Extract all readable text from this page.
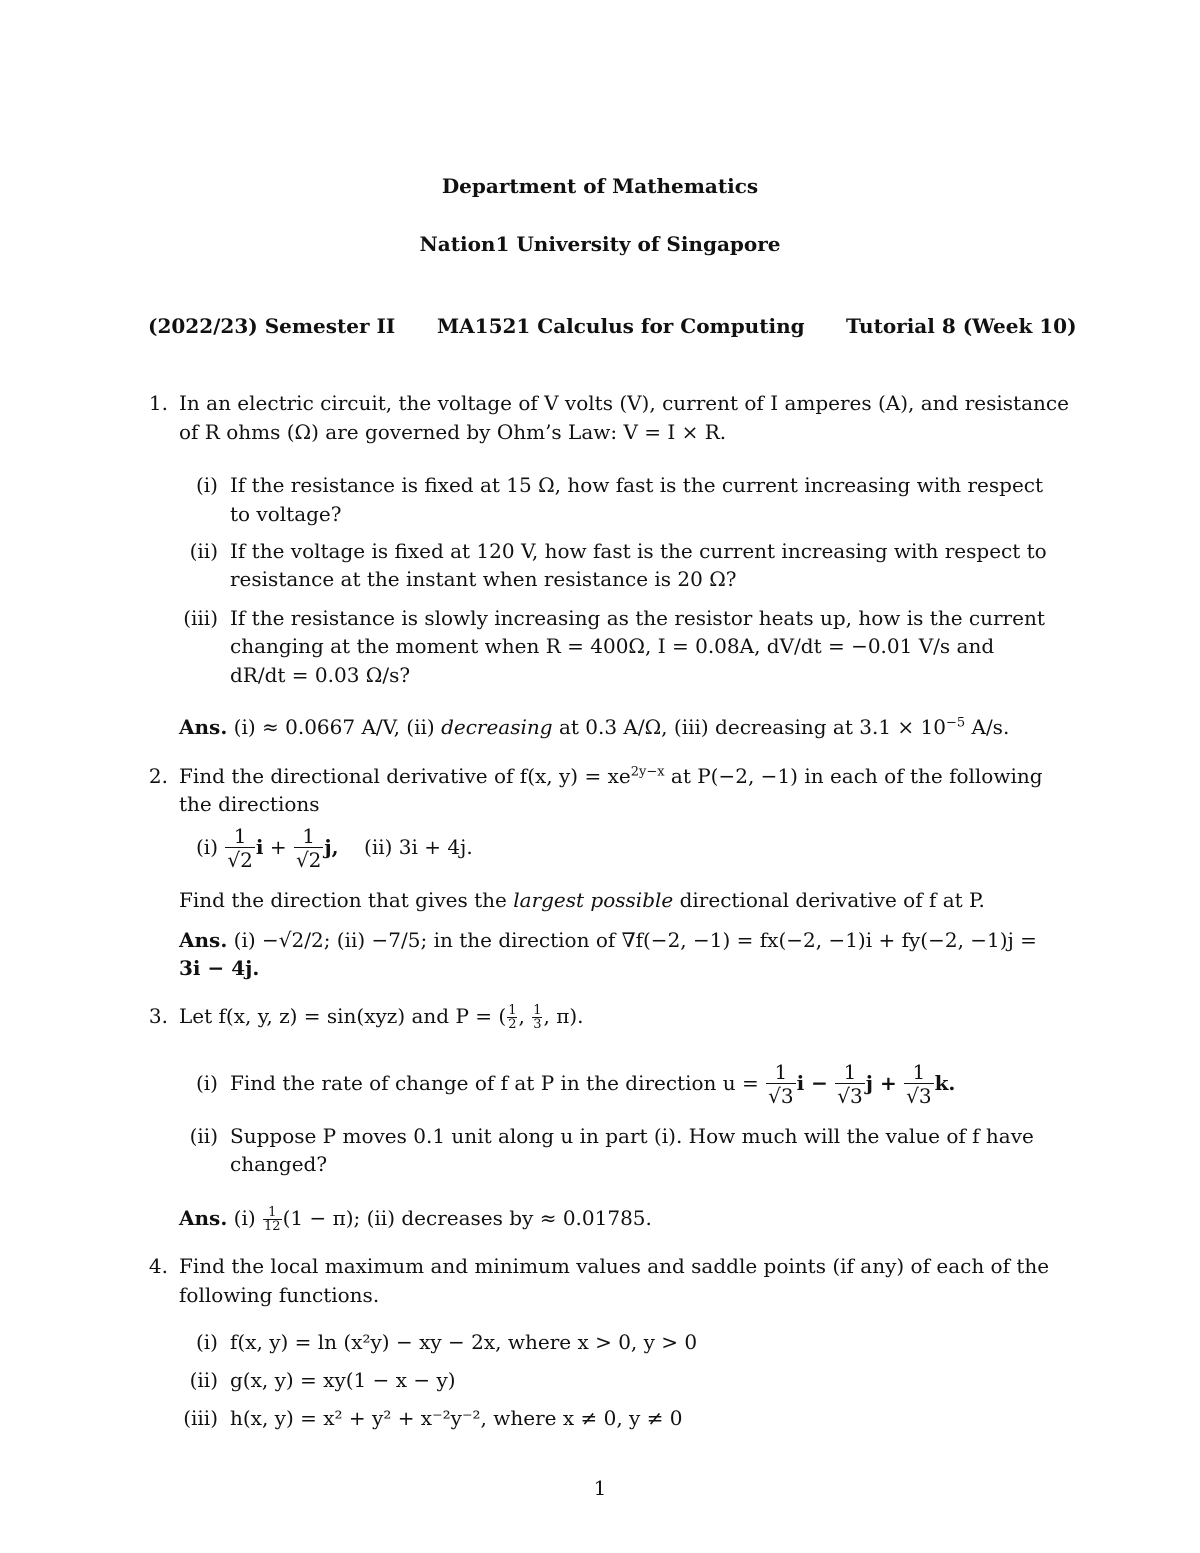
Department of Mathematics
Nation1 University of Singapore
(2022/23) Semester II MA1521 Calculus for Computing Tutorial 8 (Week 10)
1. In an electric circuit, the voltage of V volts (V), current of I amperes (A), and resistance
of R ohms (Ω) are governed by Ohm’s Law: V = I × R.
(i) If the resistance is fixed at 15 Ω, how fast is the current increasing with respect
to voltage?
(ii) If the voltage is fixed at 120 V, how fast is the current increasing with respect to
resistance at the instant when resistance is 20 Ω?
(iii) If the resistance is slowly increasing as the resistor heats up, how is the current
changing at the moment when R = 400Ω, I = 0.08A, dV/dt = −0.01 V/s and
dR/dt = 0.03 Ω/s?
Ans. (i) ≈ 0.0667 A/V, (ii) decreasing at 0.3 A/Ω, (iii) decreasing at $3.1 \times 10^{-5}$ A/s.
2. Find the directional derivative of f(x, $y) = xe^{2y-x}$ at P(−2, −1) in each of the following
the directions
$(i) \frac{1}{√2}$ $i + \frac{1}{√2} j$, (ii) 3i + 4j.
Find the direction that gives the largest possible directional derivative of f at P.
Ans. (i) −√2/2; (ii) −7/5; in the direction of ∇f(−2, −1) = fx(−2, −1)i + fy(−2, −1)j =
3i − 4j.
3. Let f(x, y, z) = sin(xyz) and P = ( $\frac{1}{2}$ , $\frac{1}{3}$ , π).
(i) Find the rate of change of f at P in the direction $u = \frac{1}{√3}$ $i - \frac{1}{√3}$ $j + \frac{1}{√3} k$.
(ii) Suppose P moves 0.1 unit along u in part (i). How much will the value of f have
changed?
Ans. $(i) \frac{1}{12} (1 - \pi)$; (ii) decreases by ≈ 0.01785.
4. Find the local maximum and minimum values and saddle points (if any) of each of the
following functions.
(i) f(x, y) = ln (x²y) − xy − 2x, where x > 0, y > 0
(ii) g(x, y) = xy(1 − x − y)
(iii) h(x, y) = x² + y² + x⁻²y⁻², where x ≠ 0, y ≠ 0
1
